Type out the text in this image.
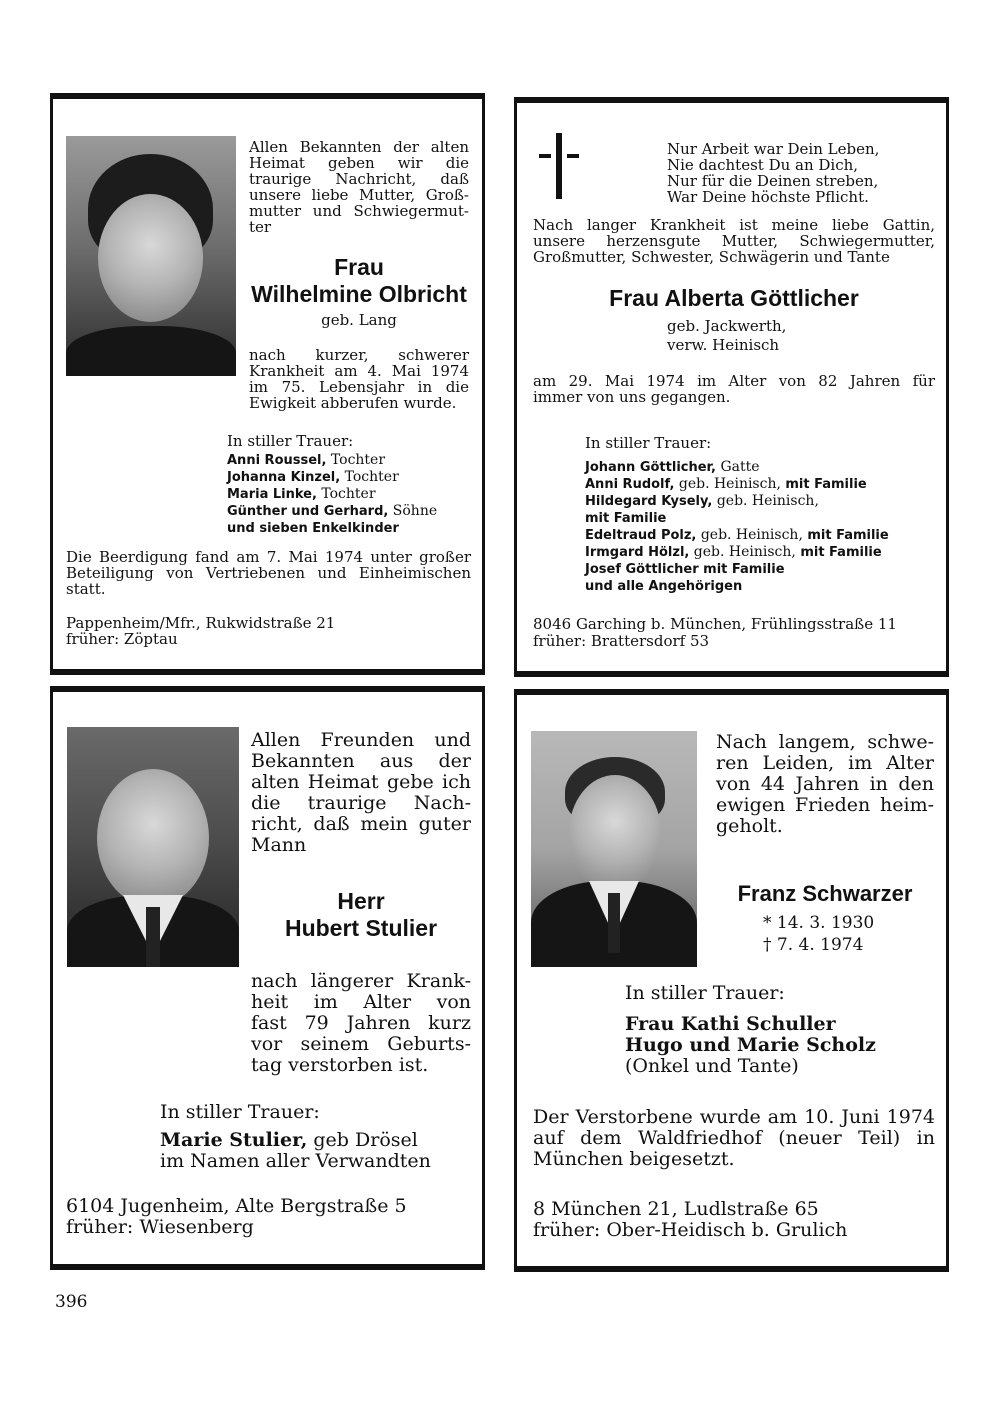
Allen Bekannten der alten
Heimat geben wir die
traurige Nachricht, daß
unsere liebe Mutter, Groß-
mutter und Schwiegermut-
ter
Frau
Wilhelmine Olbricht
geb. Lang
nach kurzer, schwerer
Krankheit am 4. Mai 1974
im 75. Lebensjahr in die
Ewigkeit abberufen wurde.
In stiller Trauer:
Anni Roussel, Tochter
Johanna Kinzel, Tochter
Maria Linke, Tochter
Günther und Gerhard, Söhne
und sieben Enkelkinder
Die Beerdigung fand am 7. Mai 1974 unter großer
Beteiligung von Vertriebenen und Einheimischen
statt.
Pappenheim/Mfr., Rukwidstraße 21
früher: Zöptau
Nur Arbeit war Dein Leben,
Nie dachtest Du an Dich,
Nur für die Deinen streben,
War Deine höchste Pflicht.
Nach langer Krankheit ist meine liebe Gattin,
unsere herzensgute Mutter, Schwiegermutter,
Großmutter, Schwester, Schwägerin und Tante
Frau Alberta Göttlicher
geb. Jackwerth,
verw. Heinisch
am 29. Mai 1974 im Alter von 82 Jahren für
immer von uns gegangen.
In stiller Trauer:
Johann Göttlicher, Gatte
Anni Rudolf, geb. Heinisch, mit Familie
Hildegard Kysely, geb. Heinisch,
mit Familie
Edeltraud Polz, geb. Heinisch, mit Familie
Irmgard Hölzl, geb. Heinisch, mit Familie
Josef Göttlicher mit Familie
und alle Angehörigen
8046 Garching b. München, Frühlingsstraße 11
früher: Brattersdorf 53
Allen Freunden und
Bekannten aus der
alten Heimat gebe ich
die traurige Nach-
richt, daß mein guter
Mann
Herr
Hubert Stulier
nach längerer Krank-
heit im Alter von
fast 79 Jahren kurz
vor seinem Geburts-
tag verstorben ist.
In stiller Trauer:
Marie Stulier, geb Drösel
im Namen aller Verwandten
6104 Jugenheim, Alte Bergstraße 5
früher: Wiesenberg
Nach langem, schwe-
ren Leiden, im Alter
von 44 Jahren in den
ewigen Frieden heim-
geholt.
Franz Schwarzer
* 14. 3. 1930
† 7. 4. 1974
In stiller Trauer:
Frau Kathi Schuller
Hugo und Marie Scholz
(Onkel und Tante)
Der Verstorbene wurde am 10. Juni 1974
auf dem Waldfriedhof (neuer Teil) in
München beigesetzt.
8 München 21, Ludlstraße 65
früher: Ober-Heidisch b. Grulich
396
